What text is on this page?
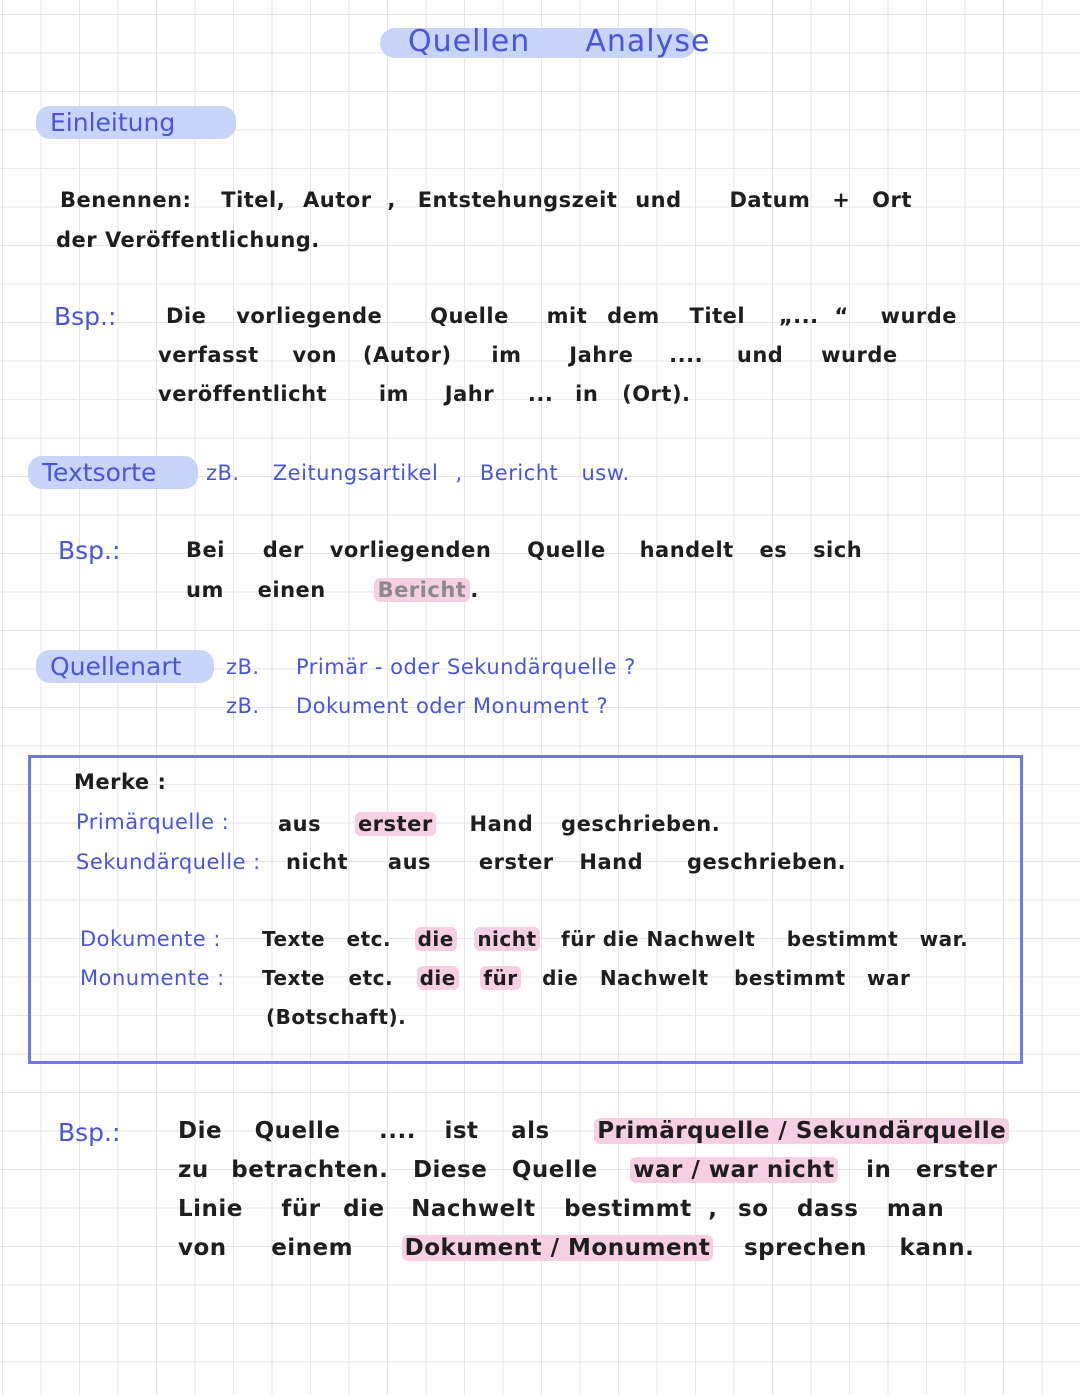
Quellen Analyse
Einleitung
Benennen: Titel, Autor , Entstehungszeit und Datum + Ort
der Veröffentlichung.
Bsp.: Die vorliegende Quelle mit dem Titel „... “ wurde
verfasst von (Autor) im Jahre .... und wurde
veröffentlicht im Jahr ... in (Ort).
Textsorte	zB. Zeitungsartikel , Bericht usw.
Bsp.:	Bei der vorliegenden Quelle handelt es sich
um einen Bericht .
Quellenart	zB. Primär - oder Sekundärquelle ?
zB. Dokument oder Monument ?
Merke :
Primärquelle : aus erster Hand geschrieben.
Sekundärquelle : nicht aus erster Hand geschrieben.
Dokumente : Texte etc. die nicht für die Nachwelt bestimmt war.
Monumente : Texte etc. die für die Nachwelt bestimmt war
(Botschaft).
Bsp.:	Die Quelle .... ist als Primärquelle / Sekundärquelle
zu betrachten. Diese Quelle war / war nicht in erster
Linie für die Nachwelt bestimmt , so dass man
von einem Dokument / Monument sprechen kann.
